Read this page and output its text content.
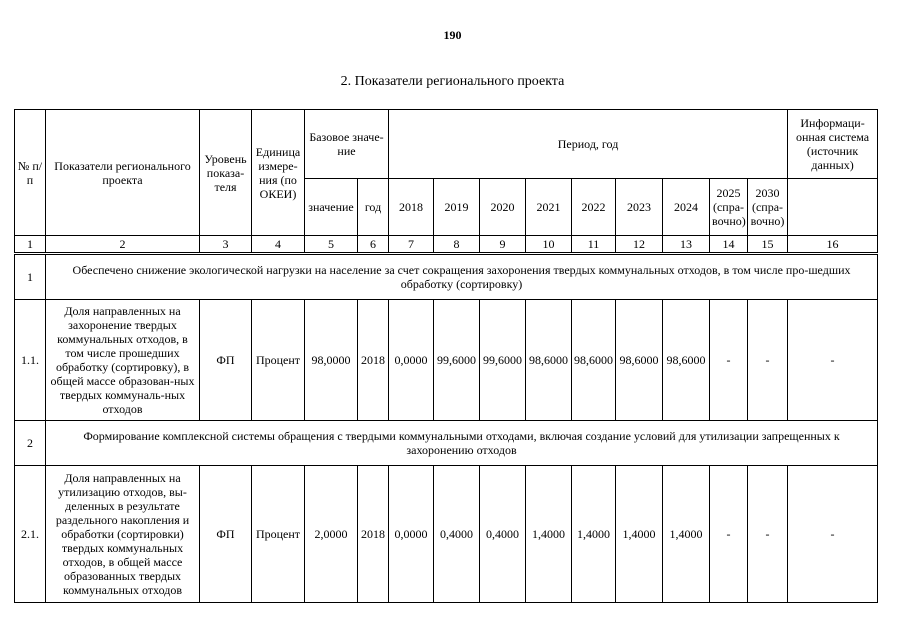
190
2. Показатели регионального проекта
№ п/п	Показатели регионального проекта	Уровень показа-теля	Единица измере-ния (по ОКЕИ)	Базовое значе-ние		Период, год									Информаци-онная система (источник данных)
				значение	год	2018	2019	2020	2021	2022	2023	2024	2025 (спра-вочно)	2030 (спра-вочно)	
1	2	3	4	5	6	7	8	9	10	11	12	13	14	15	16
1	Обеспечено снижение экологической нагрузки на население за счет сокращения захоронения твердых коммунальных отходов, в том числе про-шедших обработку (сортировку)														
1.1.	Доля направленных на захоронение твердых коммунальных отходов, в том числе прошедших обработку (сортировку), в общей массе образован-ных твердых коммуналь-ных отходов	ФП	Процент	98,0000	2018	0,0000	99,6000	99,6000	98,6000	98,6000	98,6000	98,6000	-	-	-
2	Формирование комплексной системы обращения с твердыми коммунальными отходами, включая создание условий для утилизации запрещенных к захоронению отходов														
2.1.	Доля направленных на утилизацию отходов, вы-деленных в результате раздельного накопления и обработки (сортировки) твердых коммунальных отходов, в общей массе образованных твердых коммунальных отходов	ФП	Процент	2,0000	2018	0,0000	0,4000	0,4000	1,4000	1,4000	1,4000	1,4000	-	-	-
